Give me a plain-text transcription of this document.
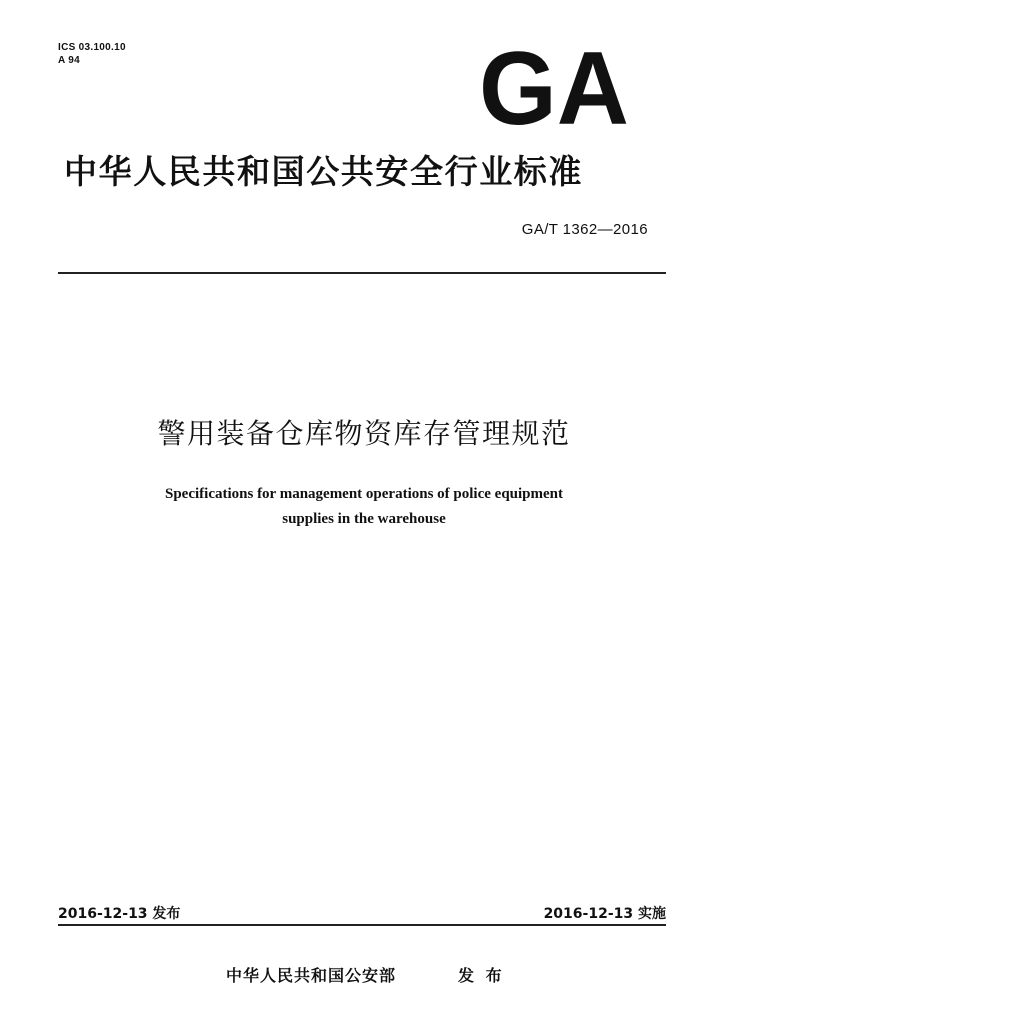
ICS 03.100.10
A 94	GA
中华人民共和国公共安全行业标准
GA/T 1362—2016
警用装备仓库物资库存管理规范
Specifications for management operations of police equipment
supplies in the warehouse
2016-12-13 发布	2016-12-13 实施
中华人民共和国公安部	发 布
